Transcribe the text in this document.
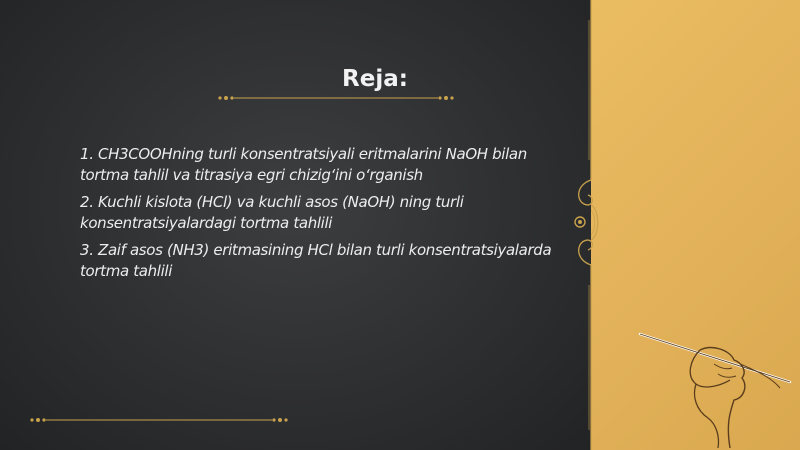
Reja:
1. CH3COOHning turli konsentratsiyali eritmalarini NaOH bilan tortma tahlil va titrasiya egri chizig‘ini o‘rganish
2. Kuchli kislota (HCl) va kuchli asos (NaOH) ning turli konsentratsiyalardagi tortma tahlili
3. Zaif asos (NH3) eritmasining HCl bilan turli konsentratsiyalarda tortma tahlili
